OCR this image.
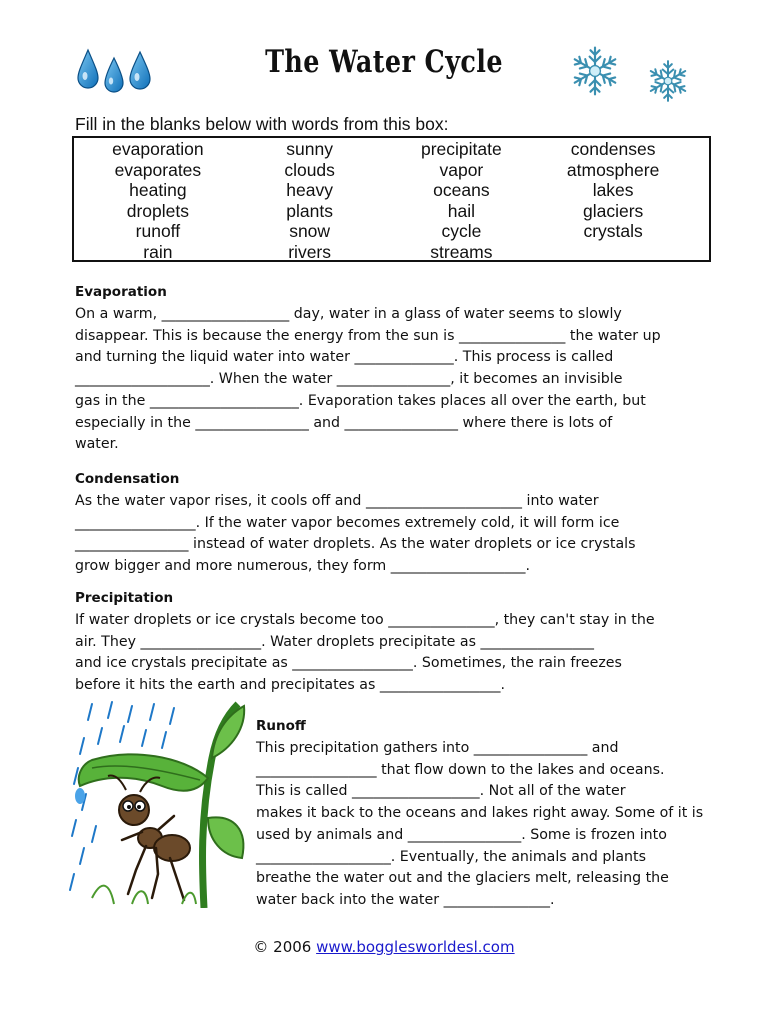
The Water Cycle
Fill in the blanks below with words from this box:
evaporation
evaporates
heating
droplets
runoff
rain
sunny
clouds
heavy
plants
snow
rivers
precipitate
vapor
oceans
hail
cycle
streams
condenses
atmosphere
lakes
glaciers
crystals
Evaporation

On a warm, __________________ day, water in a glass of water seems to slowly
disappear. This is because the energy from the sun is _______________ the water up
and turning the liquid water into water ______________. This process is called
___________________. When the water ________________, it becomes an invisible
gas in the _____________________. Evaporation takes places all over the earth, but
especially in the ________________ and ________________ where there is lots of
water.

Condensation

As the water vapor rises, it cools off and ______________________ into water
_________________. If the water vapor becomes extremely cold, it will form ice
________________ instead of water droplets. As the water droplets or ice crystals
grow bigger and more numerous, they form ___________________.

Precipitation

If water droplets or ice crystals become too _______________, they can't stay in the
air. They _________________. Water droplets precipitate as ________________
and ice crystals precipitate as _________________. Sometimes, the rain freezes
before it hits the earth and precipitates as _________________.

Runoff

This precipitation gathers into ________________ and
_________________ that flow down to the lakes and oceans.
This is called __________________. Not all of the water
makes it back to the oceans and lakes right away. Some of it is
used by animals and ________________. Some is frozen into
___________________. Eventually, the animals and plants
breathe the water out and the glaciers melt, releasing the
water back into the water _______________.

© 2006 www.bogglesworldesl.com
